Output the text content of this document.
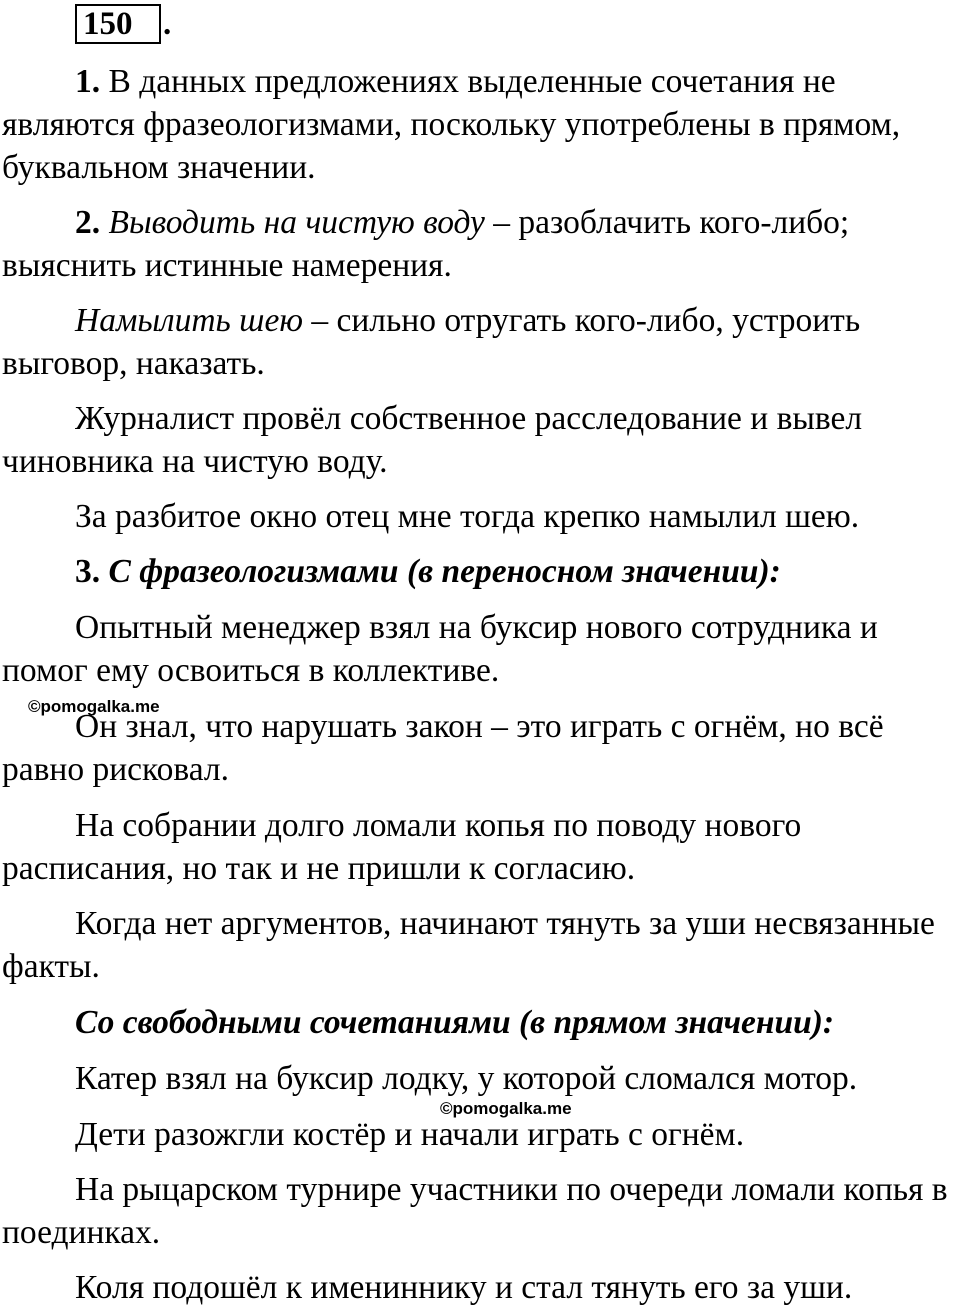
150 .

1. В данных предложениях выделенные сочетания не являются фразеологизмами, поскольку употреблены в прямом, буквальном значении.

2. Выводить на чистую воду – разоблачить кого-либо; выяснить истинные намерения.

Намылить шею – сильно отругать кого-либо, устроить выговор, наказать.

Журналист провёл собственное расследование и вывел чиновника на чистую воду.

За разбитое окно отец мне тогда крепко намылил шею.

3. С фразеологизмами (в переносном значении):

Опытный менеджер взял на буксир нового сотрудника и помог ему освоиться в коллективе.

©pomogalka.me

Он знал, что нарушать закон – это играть с огнём, но всё равно рисковал.

На собрании долго ломали копья по поводу нового расписания, но так и не пришли к согласию.

Когда нет аргументов, начинают тянуть за уши несвязанные факты.

Со свободными сочетаниями (в прямом значении):

Катер взял на буксир лодку, у которой сломался мотор.

©pomogalka.me

Дети разожгли костёр и начали играть с огнём.

На рыцарском турнире участники по очереди ломали копья в поединках.

Коля подошёл к имениннику и стал тянуть его за уши.
